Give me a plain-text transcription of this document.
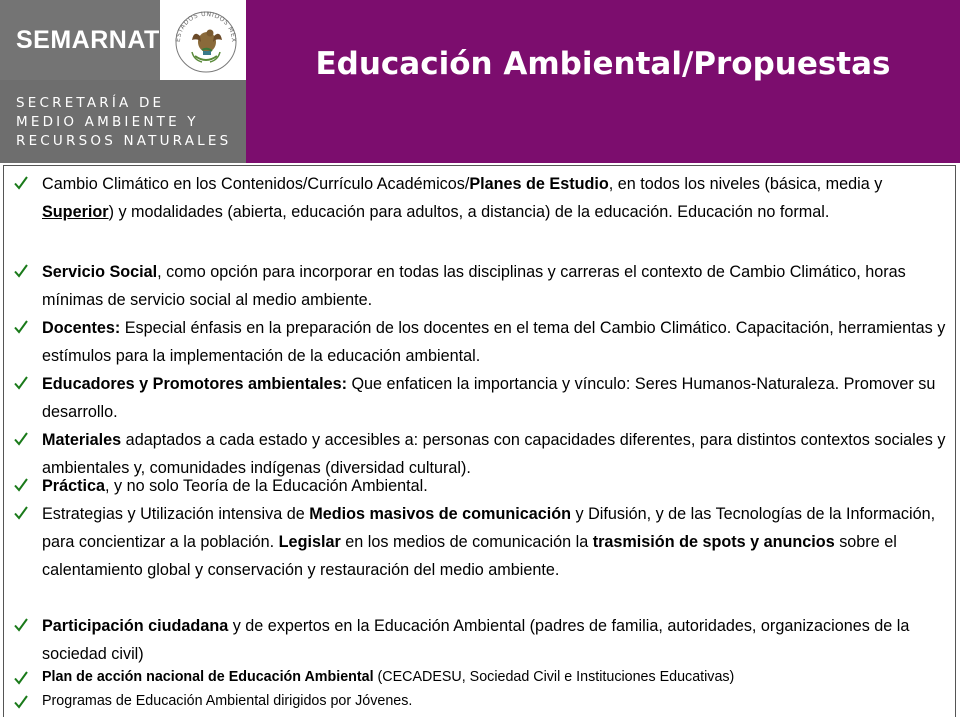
SEMARNAT	ESTADOS UNIDOS MEX
SECRETARÍA DE
MEDIO AMBIENTE Y
RECURSOS NATURALES
Educación Ambiental/Propuestas
Cambio Climático en los Contenidos/Currículo Académicos/Planes de Estudio, en todos los niveles (básica, media y Superior) y modalidades (abierta, educación para adultos, a distancia) de la educación. Educación no formal.
Servicio Social, como opción para incorporar en todas las disciplinas y carreras el contexto de Cambio Climático, horas mínimas de servicio social al medio ambiente.
Docentes: Especial énfasis en la preparación de los docentes en el tema del Cambio Climático. Capacitación, herramientas y estímulos para la implementación de la educación ambiental.
Educadores y Promotores ambientales: Que enfaticen la importancia y vínculo: Seres Humanos-Naturaleza. Promover su desarrollo.
Materiales adaptados a cada estado y accesibles a: personas con capacidades diferentes, para distintos contextos sociales y ambientales y, comunidades indígenas (diversidad cultural).
Práctica, y no solo Teoría de la Educación Ambiental.
Estrategias y Utilización intensiva de Medios masivos de comunicación y Difusión, y de las Tecnologías de la Información, para concientizar a la población. Legislar en los medios de comunicación la trasmisión de spots y anuncios sobre el calentamiento global y conservación y restauración del medio ambiente.
Participación ciudadana y de expertos en la Educación Ambiental (padres de familia, autoridades, organizaciones de la sociedad civil)
Plan de acción nacional de Educación Ambiental (CECADESU, Sociedad Civil e Instituciones Educativas)
Programas de Educación Ambiental dirigidos por Jóvenes.
